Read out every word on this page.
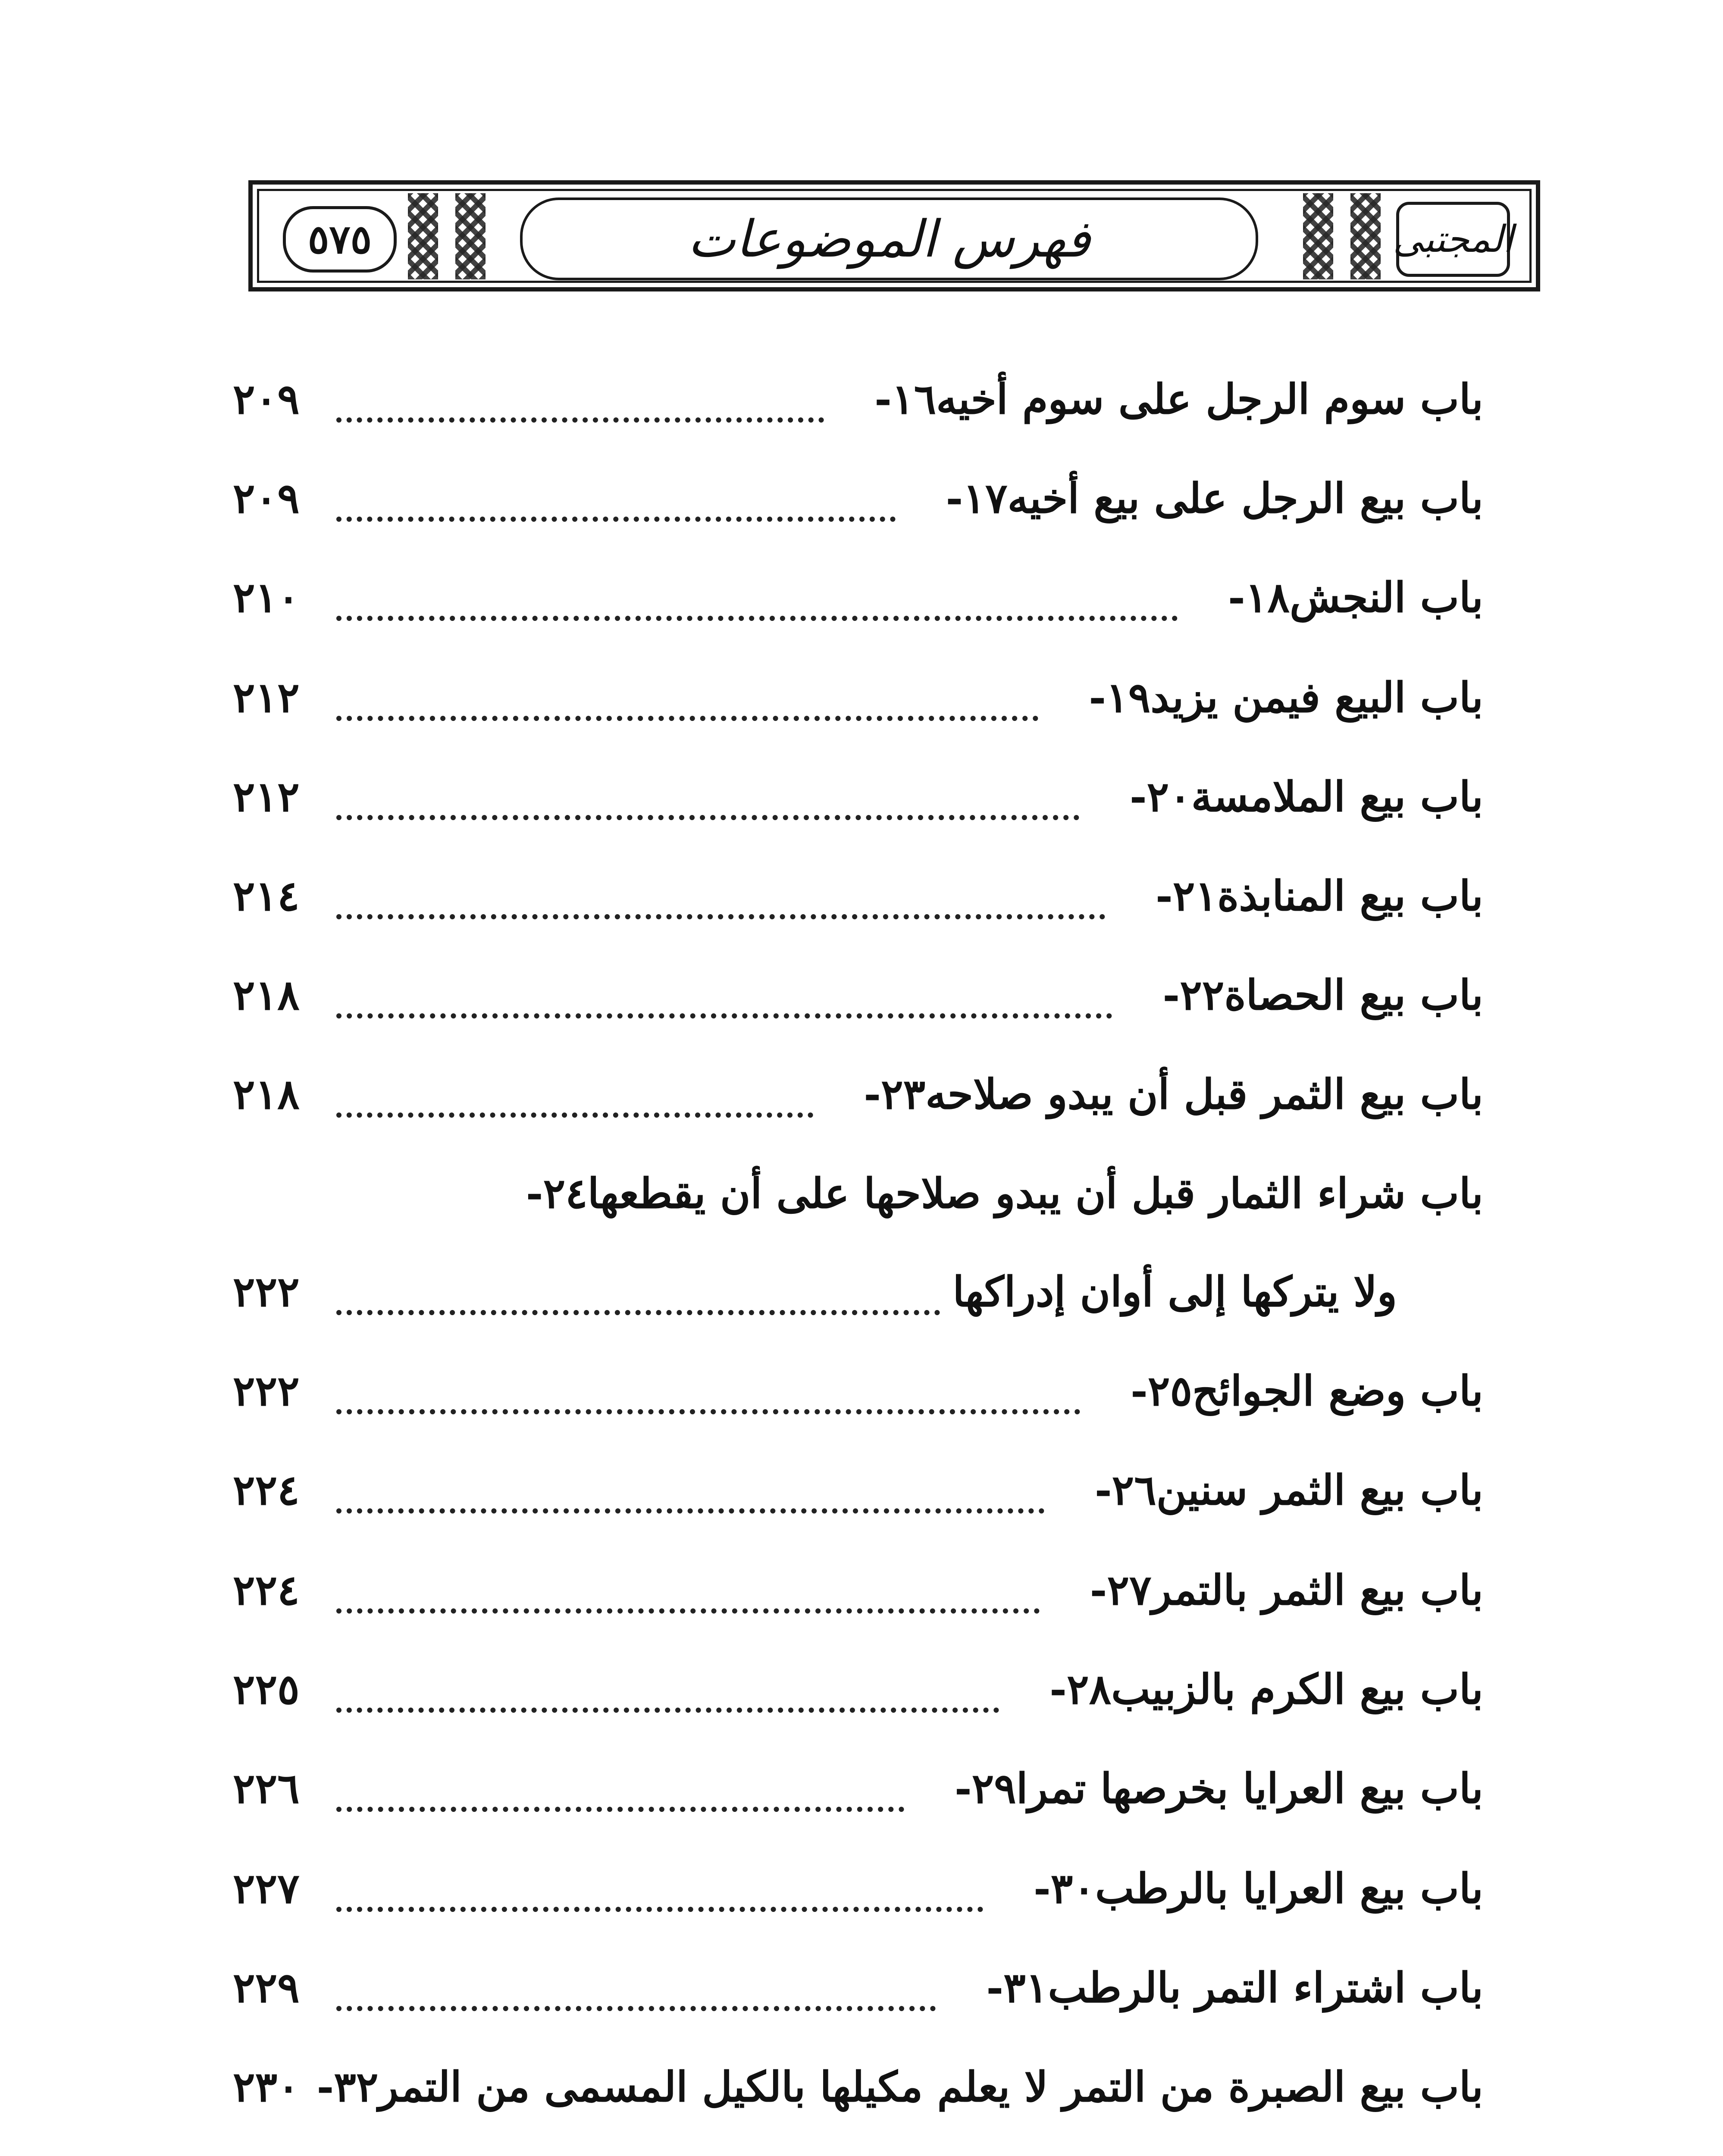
٥٧٥	فهرس الموضوعات	المجتبى
١٦- باب سوم الرجل على سوم أخيه
٢٠٩
١٧- باب بيع الرجل على بيع أخيه
٢٠٩
١٨- باب النجش
٢١٠
١٩- باب البيع فيمن يزيد
٢١٢
٢٠- باب بيع الملامسة
٢١٢
٢١- باب بيع المنابذة
٢١٤
٢٢- باب بيع الحصاة
٢١٨
٢٣- باب بيع الثمر قبل أن يبدو صلاحه
٢١٨
٢٤- باب شراء الثمار قبل أن يبدو صلاحها على أن يقطعها
ولا يتركها إلى أوان إدراكها
٢٢٢
٢٥- باب وضع الجوائح
٢٢٢
٢٦- باب بيع الثمر سنين
٢٢٤
٢٧- باب بيع الثمر بالتمر
٢٢٤
٢٨- باب بيع الكرم بالزبيب
٢٢٥
٢٩- باب بيع العرايا بخرصها تمرا
٢٢٦
٣٠- باب بيع العرايا بالرطب
٢٢٧
٣١- باب اشتراء التمر بالرطب
٢٢٩
٣٢- باب بيع الصبرة من التمر لا يعلم مكيلها بالكيل المسمى من التمر
٢٣٠
